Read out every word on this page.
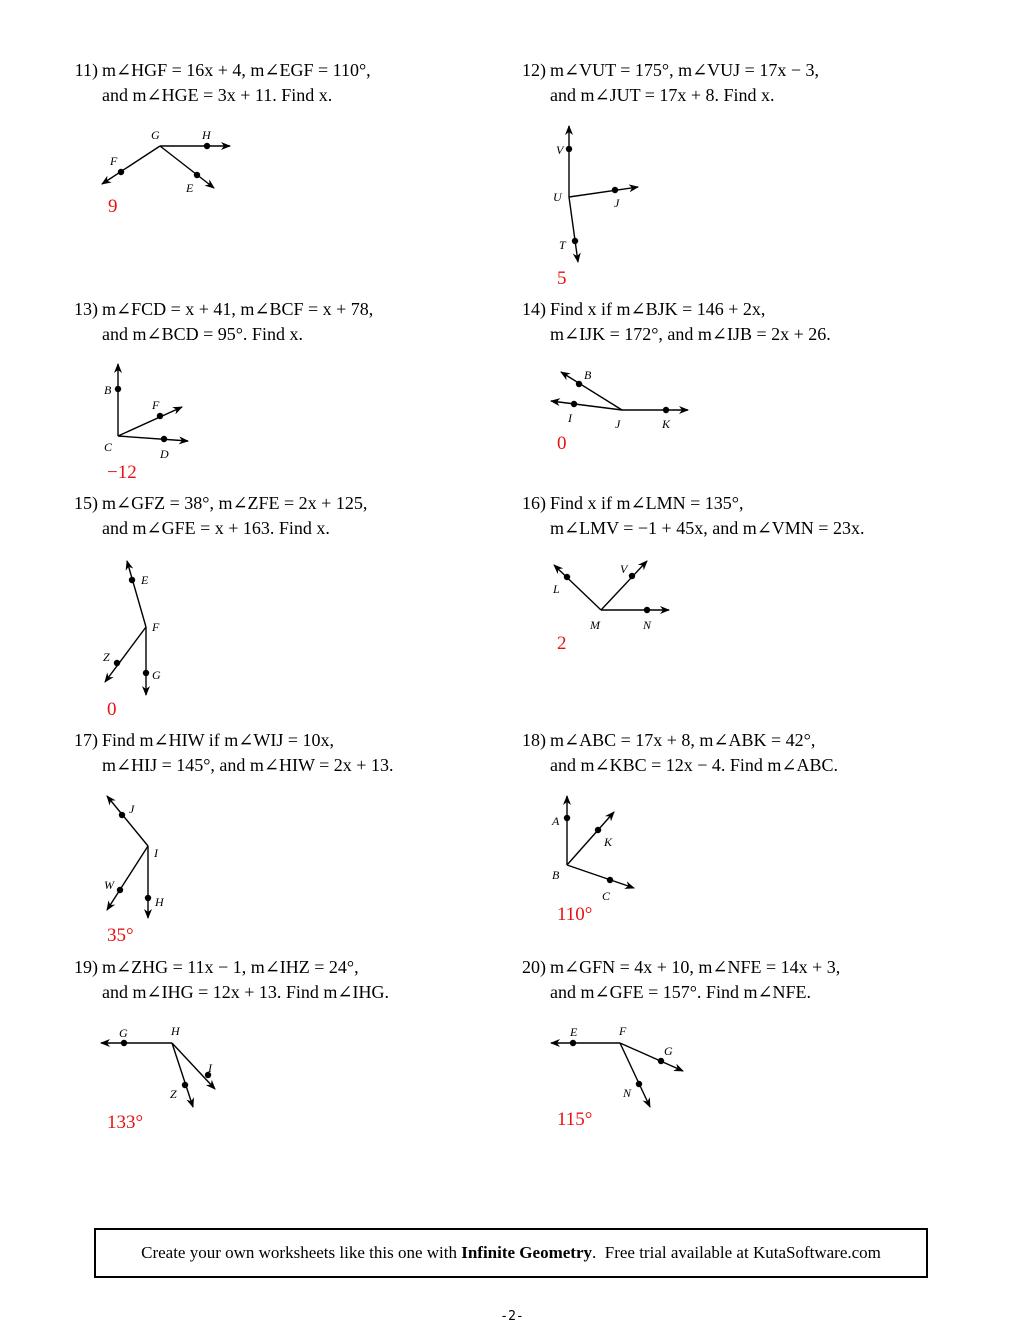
11) m∠HGF = 16x + 4, m∠EGF = 110°,
and m∠HGE = 3x + 11. Find x.
G	H
F
E
9
12) m∠VUT = 175°, m∠VUJ = 17x − 3,
and m∠JUT = 17x + 8. Find x.
V
U	J
T
5
13) m∠FCD = x + 41, m∠BCF = x + 78,
and m∠BCD = 95°. Find x.
B
F
C	D
−12
14) Find x if m∠BJK = 146 + 2x,
m∠IJK = 172°, and m∠IJB = 2x + 26.
B
I	J	K
0
15) m∠GFZ = 38°, m∠ZFE = 2x + 125,
and m∠GFE = x + 163. Find x.
E
F
Z
G
0
16) Find x if m∠LMN = 135°,
m∠LMV = −1 + 45x, and m∠VMN = 23x.
V
L
M	N
2
17) Find m∠HIW if m∠WIJ = 10x,
m∠HIJ = 145°, and m∠HIW = 2x + 13.
J
I
W
H
35°
18) m∠ABC = 17x + 8, m∠ABK = 42°,
and m∠KBC = 12x − 4. Find m∠ABC.
A
K
B
C
110°
19) m∠ZHG = 11x − 1, m∠IHZ = 24°,
and m∠IHG = 12x + 13. Find m∠IHG.
G	H
I
Z
133°
20) m∠GFN = 4x + 10, m∠NFE = 14x + 3,
and m∠GFE = 157°. Find m∠NFE.
E	F
G
N
115°
Create your own worksheets like this one with Infinite Geometry .  Free trial available at KutaSoftware.com
-2-
